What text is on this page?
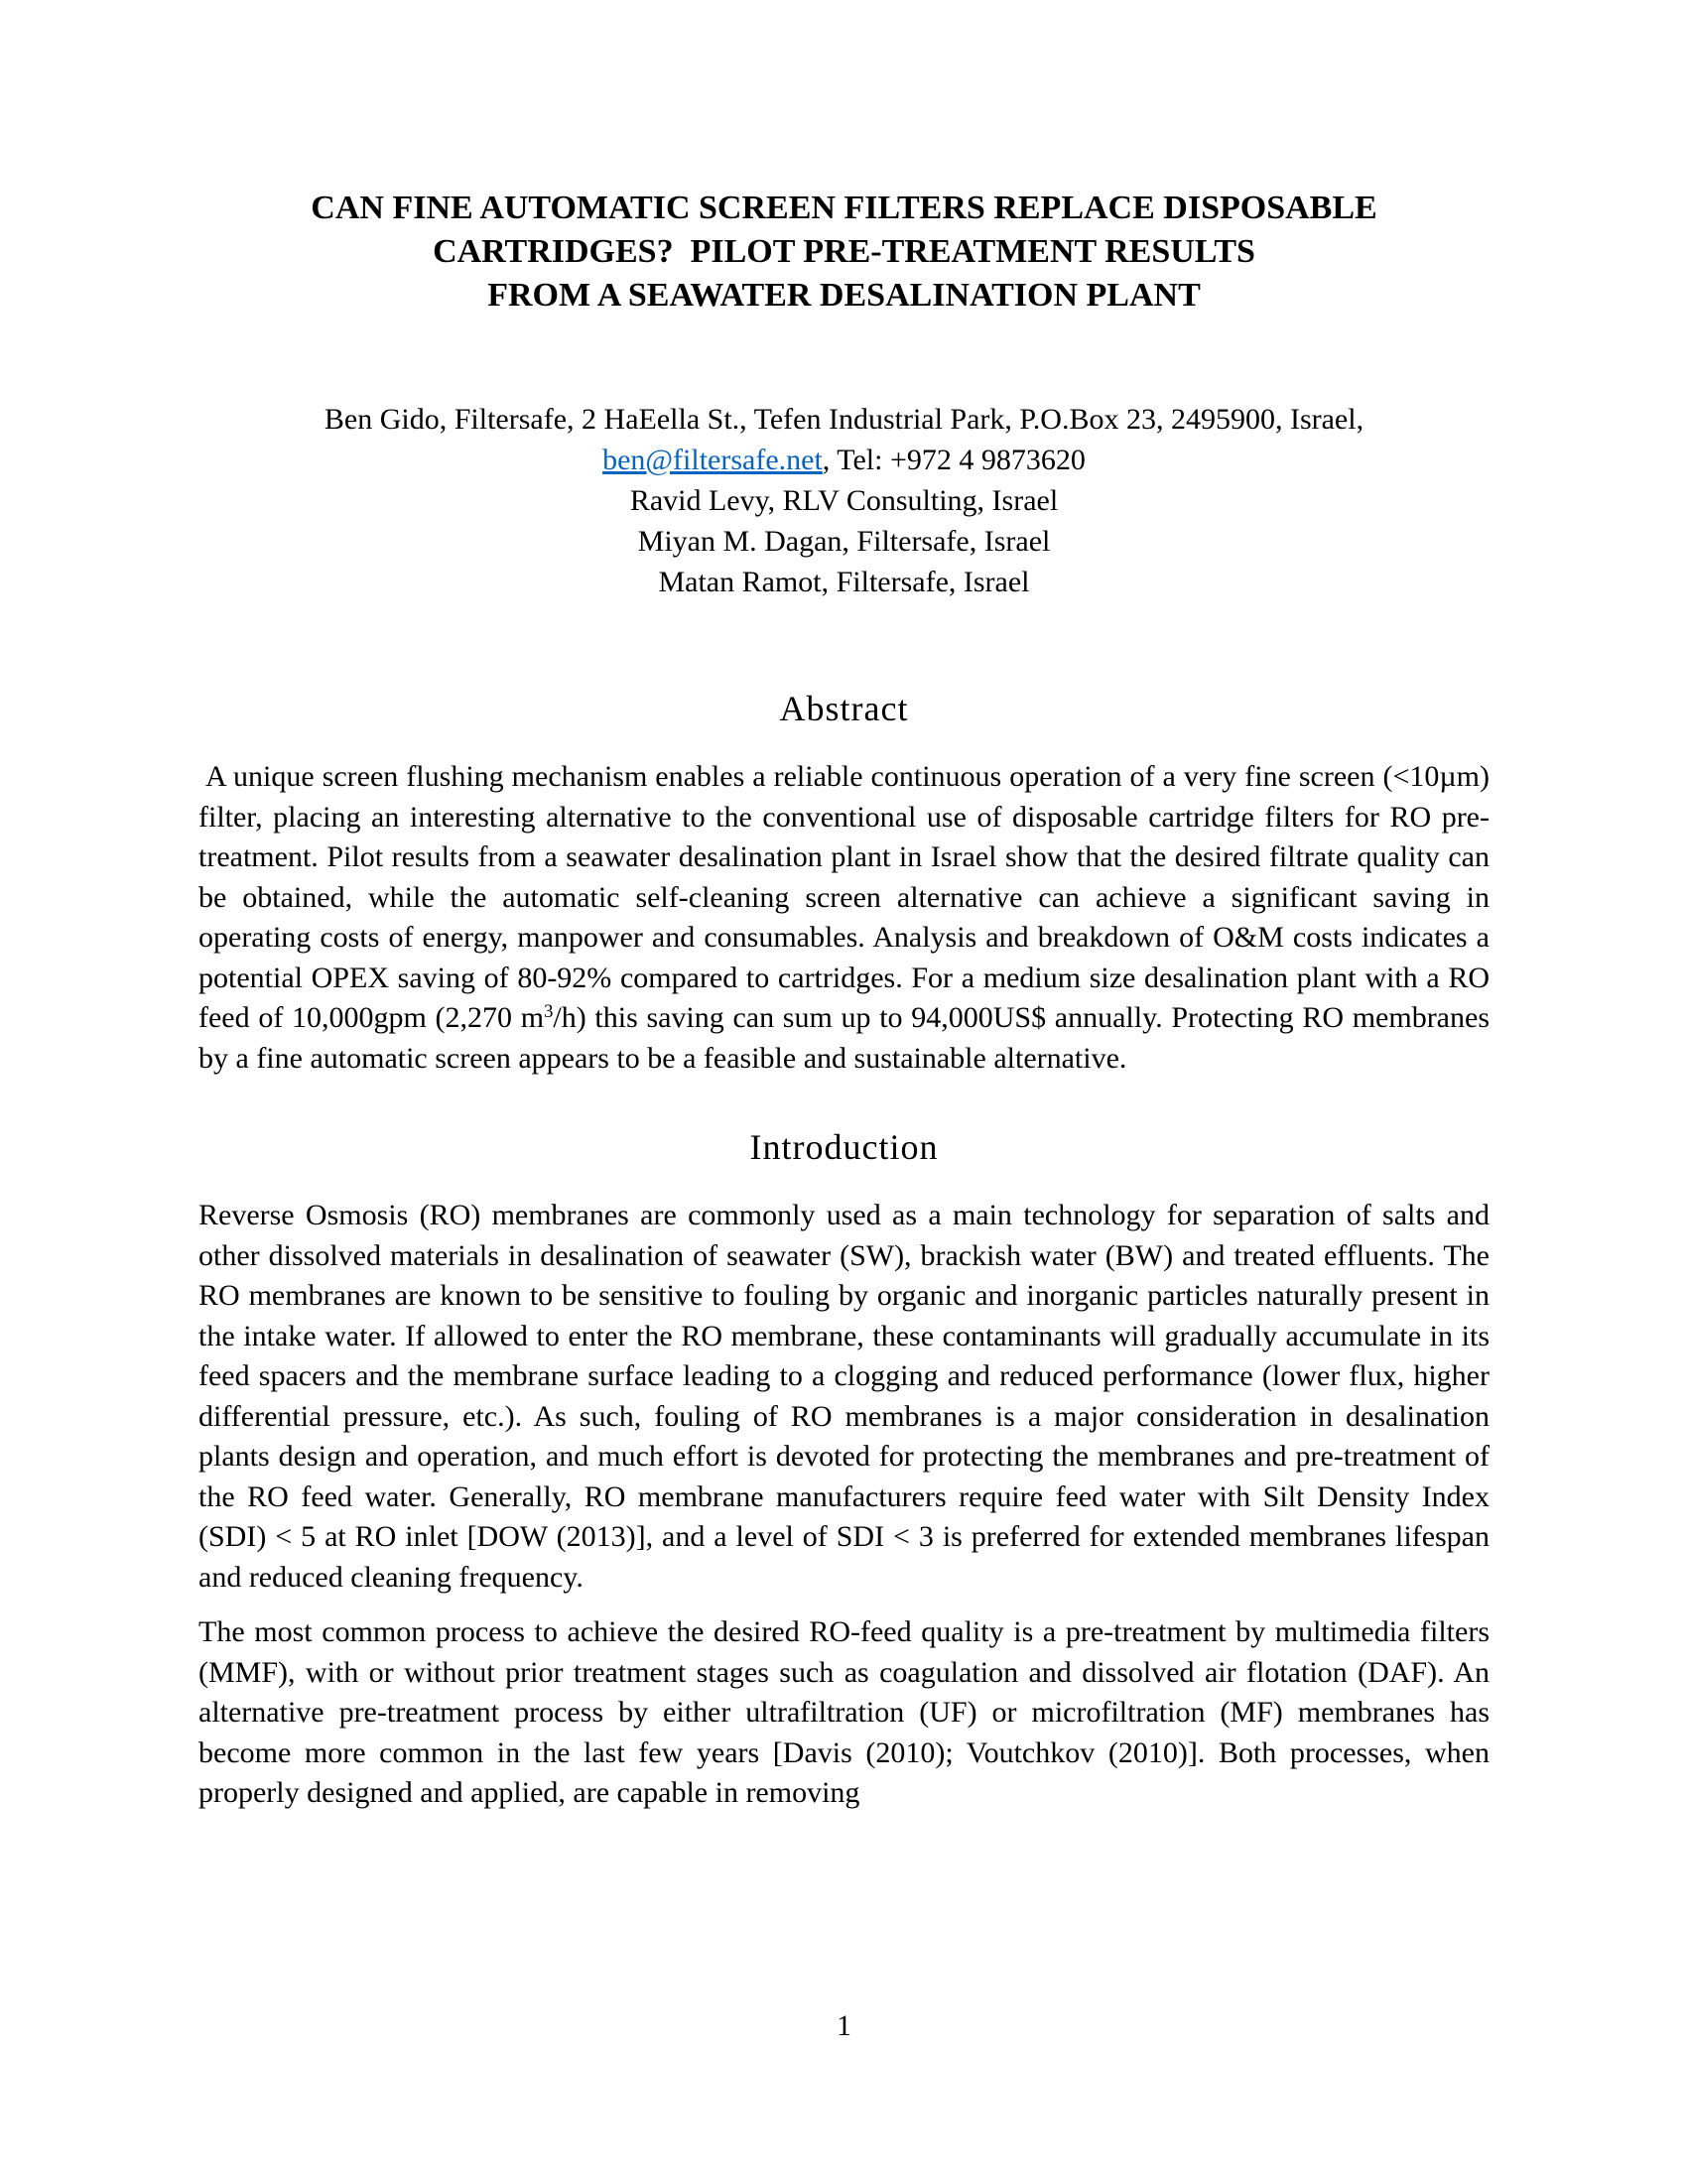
CAN FINE AUTOMATIC SCREEN FILTERS REPLACE DISPOSABLE
CARTRIDGES?  PILOT PRE-TREATMENT RESULTS
FROM A SEAWATER DESALINATION PLANT
Ben Gido, Filtersafe, 2 HaEella St., Tefen Industrial Park, P.O.Box 23, 2495900, Israel,
ben@filtersafe.net, Tel: +972 4 9873620
Ravid Levy, RLV Consulting, Israel
Miyan M. Dagan, Filtersafe, Israel
Matan Ramot, Filtersafe, Israel
Abstract

A unique screen flushing mechanism enables a reliable continuous operation of a very fine screen (<10µm) filter, placing an interesting alternative to the conventional use of disposable cartridge filters for RO pre-treatment. Pilot results from a seawater desalination plant in Israel show that the desired filtrate quality can be obtained, while the automatic self-cleaning screen alternative can achieve a significant saving in operating costs of energy, manpower and consumables. Analysis and breakdown of O&M costs indicates a potential OPEX saving of 80-92% compared to cartridges. For a medium size desalination plant with a RO feed of 10,000gpm (2,270 $m^3/h$) this saving can sum up to 94,000US$ annually. Protecting RO membranes by a fine automatic screen appears to be a feasible and sustainable alternative.

Introduction

Reverse Osmosis (RO) membranes are commonly used as a main technology for separation of salts and other dissolved materials in desalination of seawater (SW), brackish water (BW) and treated effluents. The RO membranes are known to be sensitive to fouling by organic and inorganic particles naturally present in the intake water. If allowed to enter the RO membrane, these contaminants will gradually accumulate in its feed spacers and the membrane surface leading to a clogging and reduced performance (lower flux, higher differential pressure, etc.). As such, fouling of RO membranes is a major consideration in desalination plants design and operation, and much effort is devoted for protecting the membranes and pre-treatment of the RO feed water. Generally, RO membrane manufacturers require feed water with Silt Density Index (SDI) < 5 at RO inlet [DOW (2013)], and a level of SDI < 3 is preferred for extended membranes lifespan and reduced cleaning frequency.

The most common process to achieve the desired RO-feed quality is a pre-treatment by multimedia filters (MMF), with or without prior treatment stages such as coagulation and dissolved air flotation (DAF). An alternative pre-treatment process by either ultrafiltration (UF) or microfiltration (MF) membranes has become more common in the last few years [Davis (2010); Voutchkov (2010)]. Both processes, when properly designed and applied, are capable in removing

1
